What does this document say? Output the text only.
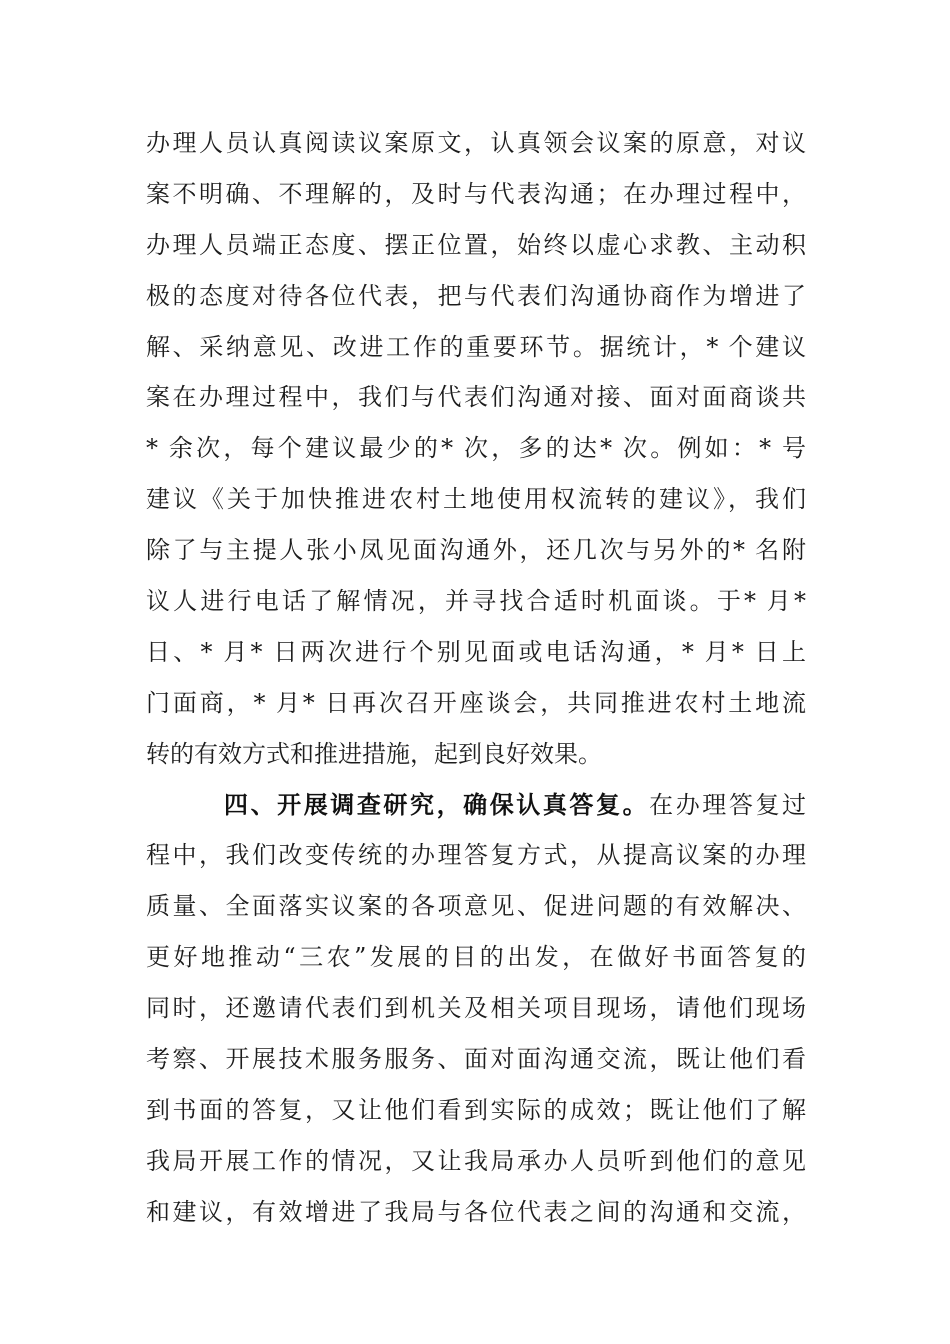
办理人员认真阅读议案原文，认真领会议案的原意，对议
案不明确、不理解的，及时与代表沟通；在办理过程中，
办理人员端正态度、摆正位置，始终以虚心求教、主动积
极的态度对待各位代表，把与代表们沟通协商作为增进了
解、采纳意见、改进工作的重要环节。据统计，* 个建议
案在办理过程中，我们与代表们沟通对接、面对面商谈共
* 余次，每个建议最少的* 次，多的达* 次。例如：* 号
建议《关于加快推进农村土地使用权流转的建议》，我们
除了与主提人张小凤见面沟通外，还几次与另外的* 名附
议人进行电话了解情况，并寻找合适时机面谈。于* 月*
日、* 月* 日两次进行个别见面或电话沟通，* 月* 日上
门面商，* 月* 日再次召开座谈会，共同推进农村土地流
转的有效方式和推进措施，起到良好效果。
四、开展调查研究，确保认真答复。在办理答复过
程中，我们改变传统的办理答复方式，从提高议案的办理
质量、全面落实议案的各项意见、促进问题的有效解决、
更好地推动“三农”发展的目的出发，在做好书面答复的
同时，还邀请代表们到机关及相关项目现场，请他们现场
考察、开展技术服务服务、面对面沟通交流，既让他们看
到书面的答复，又让他们看到实际的成效；既让他们了解
我局开展工作的情况，又让我局承办人员听到他们的意见
和建议，有效增进了我局与各位代表之间的沟通和交流，
